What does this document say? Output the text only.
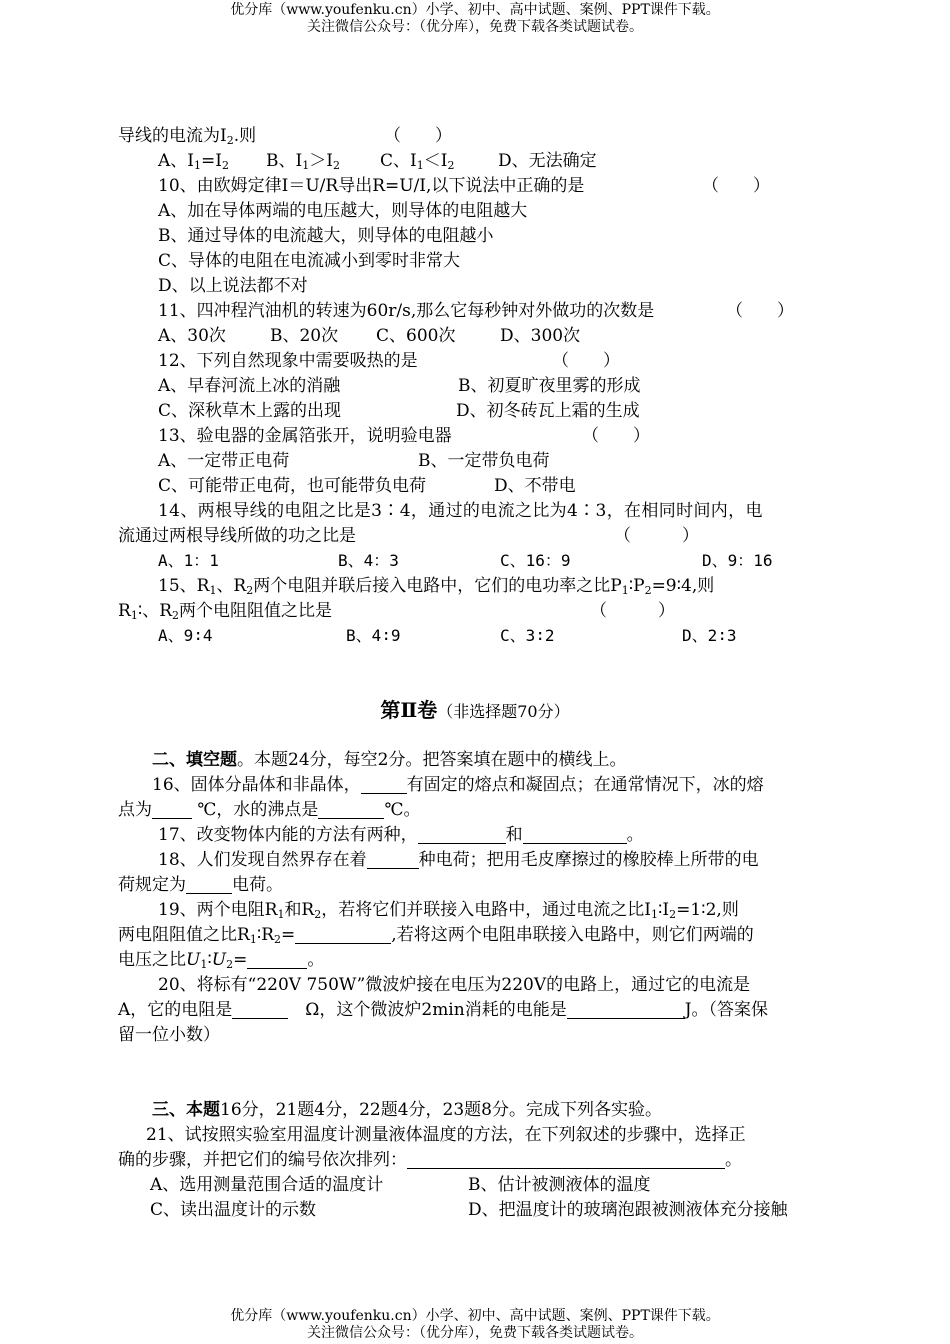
优分库（www.youfenku.cn）小学、初中、高中试题、案例、PPT课件下载。
关注微信公众号：（优分库），免费下载各类试题试卷。
导线的电流为$I_2$.则	（　　）
A、$I_1=I_2$ B、$I_1>I_2$ C、$I_1<I_2$	D、无法确定
10、由欧姆定律I＝U/R导出R=U/I,以下说法中正确的是	（　　）
A、加在导体两端的电压越大，则导体的电阻越大
B、通过导体的电流越大，则导体的电阻越小
C、导体的电阻在电流减小到零时非常大
D、以上说法都不对
11、四冲程汽油机的转速为60r/s,那么它每秒钟对外做功的次数是	（　　）
A、30次	B、20次 C、600次	D、300次
12、下列自然现象中需要吸热的是	（　　）
A、早春河流上冰的消融	B、初夏旷夜里雾的形成
C、深秋草木上露的出现	D、初冬砖瓦上霜的生成
13、验电器的金属箔张开，说明验电器	（　　）
A、一定带正电荷	B、一定带负电荷
C、可能带正电荷，也可能带负电荷	D、不带电
14、两根导线的电阻之比是3∶4，通过的电流之比为4∶3，在相同时间内，电
流通过两根导线所做的功之比是	（　　　）
A、1：1	B、4：3	C、16：9	D、9：16
15、$R_1$、$R_2$两个电阻并联后接入电路中，它们的电功率之比$P_1∶P_2=9∶4$,则
$R_1∶$、$R_2$两个电阻阻值之比是	（　　　）
A、9∶4	B、4∶9	C、3∶2	D、2∶3
第Ⅱ卷（非选择题70分）
二、填空题。本题24分，每空2分。把答案填在题中的横线上。
16、固体分晶体和非晶体，	有固定的熔点和凝固点；在通常情况下，冰的熔
点为	℃，水的沸点是	℃。
17、改变物体内能的方法有两种，	和	。
18、人们发现自然界存在着	种电荷；把用毛皮摩擦过的橡胶棒上所带的电
荷规定为	电荷。
19、两个电阻$R_1$和$R_2$，若将它们并联接入电路中，通过电流之比$I_1∶I_2=1∶2$,则
两电阻阻值之比$R_1∶R_2=$	,若将这两个电阻串联接入电路中，则它们两端的
电压之比$U_1∶U_2=$	。
20、将标有“220V 750W”微波炉接在电压为220V的电路上，通过它的电流是
A，它的电阻是　	Ω，这个微波炉2min消耗的电能是	J。（答案保
留一位小数）
三、本题16分，21题4分，22题4分，23题8分。完成下列各实验。
21、试按照实验室用温度计测量液体温度的方法，在下列叙述的步骤中，选择正
确的步骤，并把它们的编号依次排列：	。
A、选用测量范围合适的温度计	B、估计被测液体的温度
C、读出温度计的示数	D、把温度计的玻璃泡跟被测液体充分接触
优分库（www.youfenku.cn）小学、初中、高中试题、案例、PPT课件下载。
关注微信公众号：（优分库），免费下载各类试题试卷。
